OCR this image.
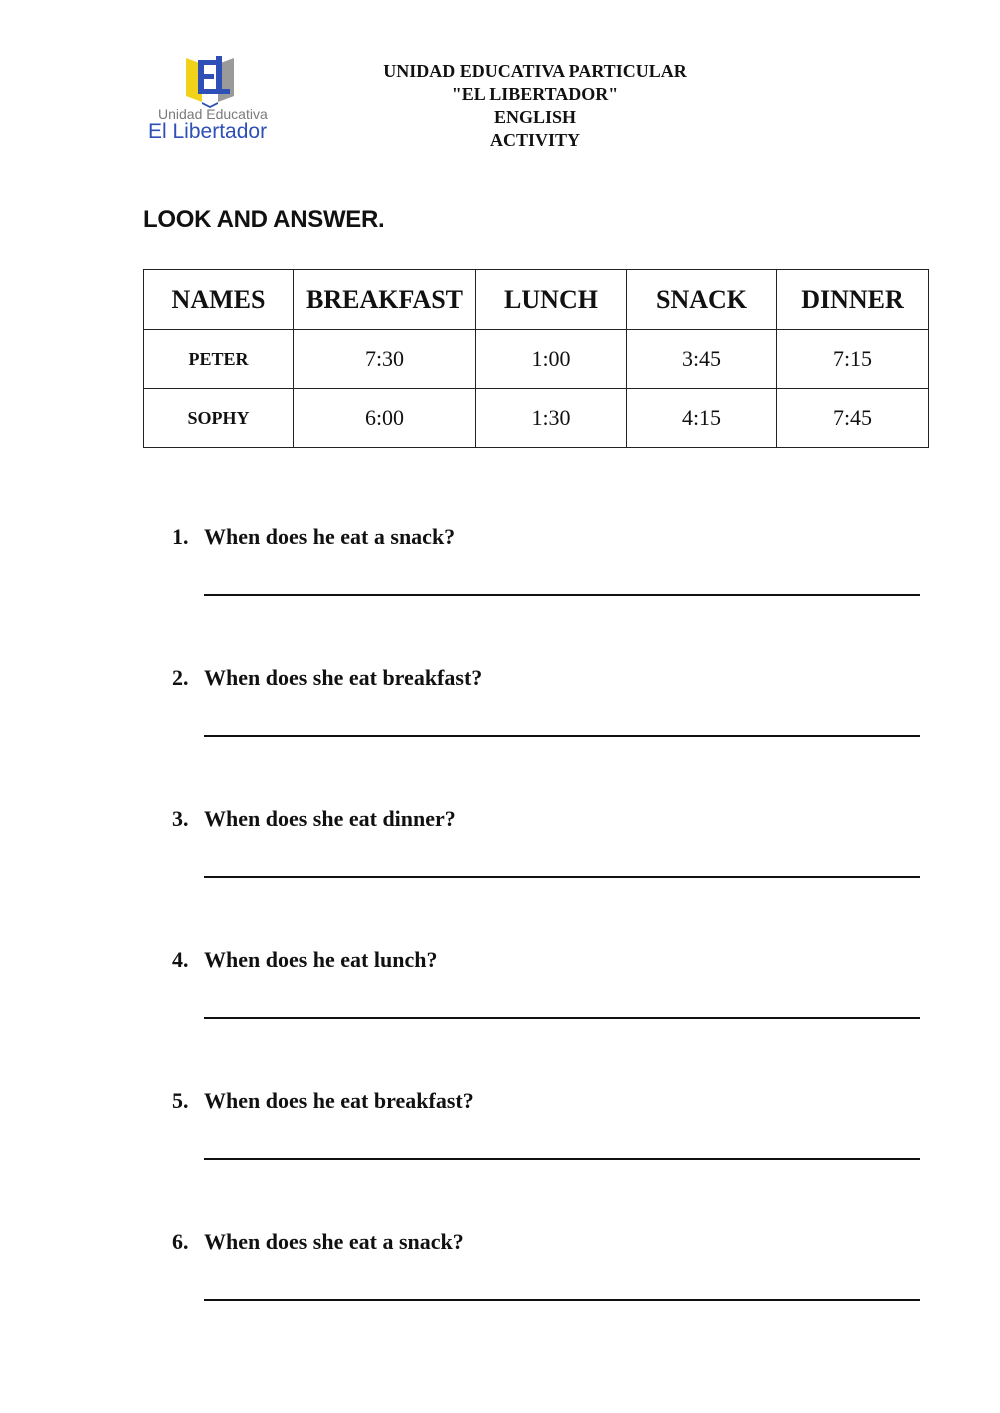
Unidad Educativa
El Libertador
UNIDAD EDUCATIVA PARTICULAR
"EL LIBERTADOR"
ENGLISH
ACTIVITY
LOOK AND ANSWER.
NAMES	BREAKFAST	LUNCH	SNACK	DINNER
PETER	7:30	1:00	3:45	7:15
SOPHY	6:00	1:30	4:15	7:45
1. When does he eat a snack?
2. When does she eat breakfast?
3. When does she eat dinner?
4. When does he eat lunch?
5. When does he eat breakfast?
6. When does she eat a snack?
